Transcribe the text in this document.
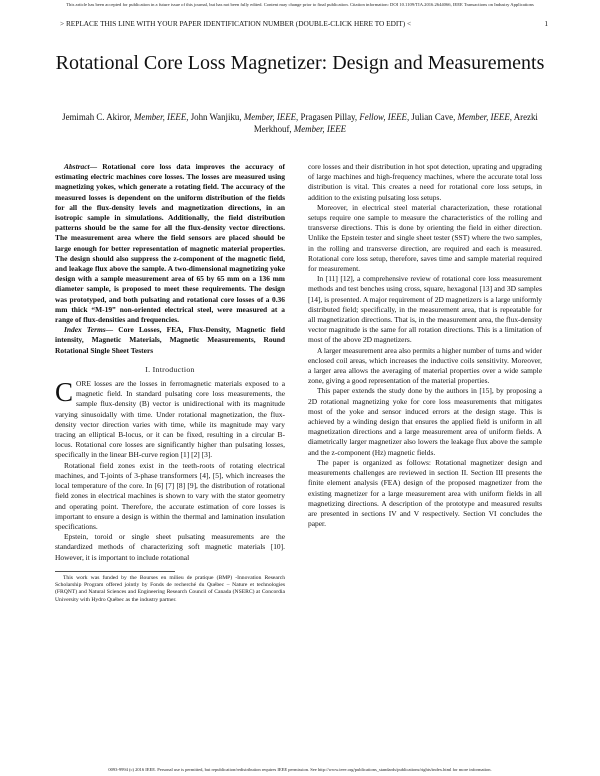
This article has been accepted for publication in a future issue of this journal, but has not been fully edited. Content may change prior to final publication. Citation information: DOI 10.1109/TIA.2016.2644066, IEEE Transactions on Industry Applications
> REPLACE THIS LINE WITH YOUR PAPER IDENTIFICATION NUMBER (DOUBLE-CLICK HERE TO EDIT) <	1
Rotational Core Loss Magnetizer: Design and Measurements
Jemimah C. Akiror, Member, IEEE, John Wanjiku, Member, IEEE, Pragasen Pillay, Fellow, IEEE, Julian Cave, Member, IEEE, Arezki Merkhouf, Member, IEEE

Abstract— Rotational core loss data improves the accuracy of estimating electric machines core losses. The losses are measured using magnetizing yokes, which generate a rotating field. The accuracy of the measured losses is dependent on the uniform distribution of the fields for all the flux-density levels and magnetization directions, in an isotropic sample in simulations. Additionally, the field distribution patterns should be the same for all the flux-density vector directions. The measurement area where the field sensors are placed should be large enough for better representation of magnetic material properties. The design should also suppress the z-component of the magnetic field, and leakage flux above the sample. A two-dimensional magnetizing yoke design with a sample measurement area of 65 by 65 mm on a 136 mm diameter sample, is proposed to meet these requirements. The design was prototyped, and both pulsating and rotational core losses of a 0.36 mm thick “M-19” non-oriented electrical steel, were measured at a range of flux-densities and frequencies.

Index Terms— Core Losses, FEA, Flux-Density, Magnetic field intensity, Magnetic Materials, Magnetic Measurements, Round Rotational Single Sheet Testers

I. Introduction

CORE losses are the losses in ferromagnetic materials exposed to a magnetic field. In standard pulsating core loss measurements, the sample flux-density (B) vector is unidirectional with its magnitude varying sinusoidally with time. Under rotational magnetization, the flux-density vector direction varies with time, while its magnitude may vary tracing an elliptical B-locus, or it can be fixed, resulting in a circular B-locus. Rotational core losses are significantly higher than pulsating losses, specifically in the linear BH-curve region [1] [2] [3].

Rotational field zones exist in the teeth-roots of rotating electrical machines, and T-joints of 3-phase transformers [4], [5], which increases the local temperature of the core. In [6] [7] [8] [9], the distribution of rotational field zones in electrical machines is shown to vary with the stator geometry and operating point. Therefore, the accurate estimation of core losses is important to ensure a design is within the thermal and lamination insulation specifications.

Epstein, toroid or single sheet pulsating measurements are the standardized methods of characterizing soft magnetic materials [10]. However, it is important to include rotational

This work was funded by the Bourses en milieu de pratique (BMP) -Innovation Research Scholarship Program offered jointly by Fonds de recherché du Québec – Nature et technologies (FRQNT) and Natural Sciences and Engineering Research Council of Canada (NSERC) at Concordia University with Hydro Québec as the industry partner.

core losses and their distribution in hot spot detection, uprating and upgrading of large machines and high-frequency machines, where the accurate total loss distribution is vital. This creates a need for rotational core loss setups, in addition to the existing pulsating loss setups.

Moreover, in electrical steel material characterization, these rotational setups require one sample to measure the characteristics of the rolling and transverse directions. This is done by orienting the field in either direction. Unlike the Epstein tester and single sheet tester (SST) where the two samples, in the rolling and transverse direction, are required and each is measured. Rotational core loss setup, therefore, saves time and sample material required for measurement.

In [11] [12], a comprehensive review of rotational core loss measurement methods and test benches using cross, square, hexagonal [13] and 3D samples [14], is presented. A major requirement of 2D magnetizers is a large uniformly distributed field; specifically, in the measurement area, that is repeatable for all magnetization directions. That is, in the measurement area, the flux-density vector magnitude is the same for all rotation directions. This is a limitation of most of the above 2D magnetizers.

A larger measurement area also permits a higher number of turns and wider enclosed coil areas, which increases the inductive coils sensitivity. Moreover, a larger area allows the averaging of material properties over a wide sample zone, giving a good representation of the material properties.

This paper extends the study done by the authors in [15], by proposing a 2D rotational magnetizing yoke for core loss measurements that mitigates most of the yoke and sensor induced errors at the design stage. This is achieved by a winding design that ensures the applied field is uniform in all magnetization directions and a large measurement area of uniform fields. A diametrically larger magnetizer also lowers the leakage flux above the sample and the z-component (Hz) magnetic fields.

The paper is organized as follows: Rotational magnetizer design and measurements challenges are reviewed in section II. Section III presents the finite element analysis (FEA) design of the proposed magnetizer from the existing magnetizer for a large measurement area with uniform fields in all magnetizing directions. A description of the prototype and measured results are presented in sections IV and V respectively. Section VI concludes the paper.

0093-9994 (c) 2016 IEEE. Personal use is permitted, but republication/redistribution requires IEEE permission. See http://www.ieee.org/publications_standards/publications/rights/index.html for more information.
